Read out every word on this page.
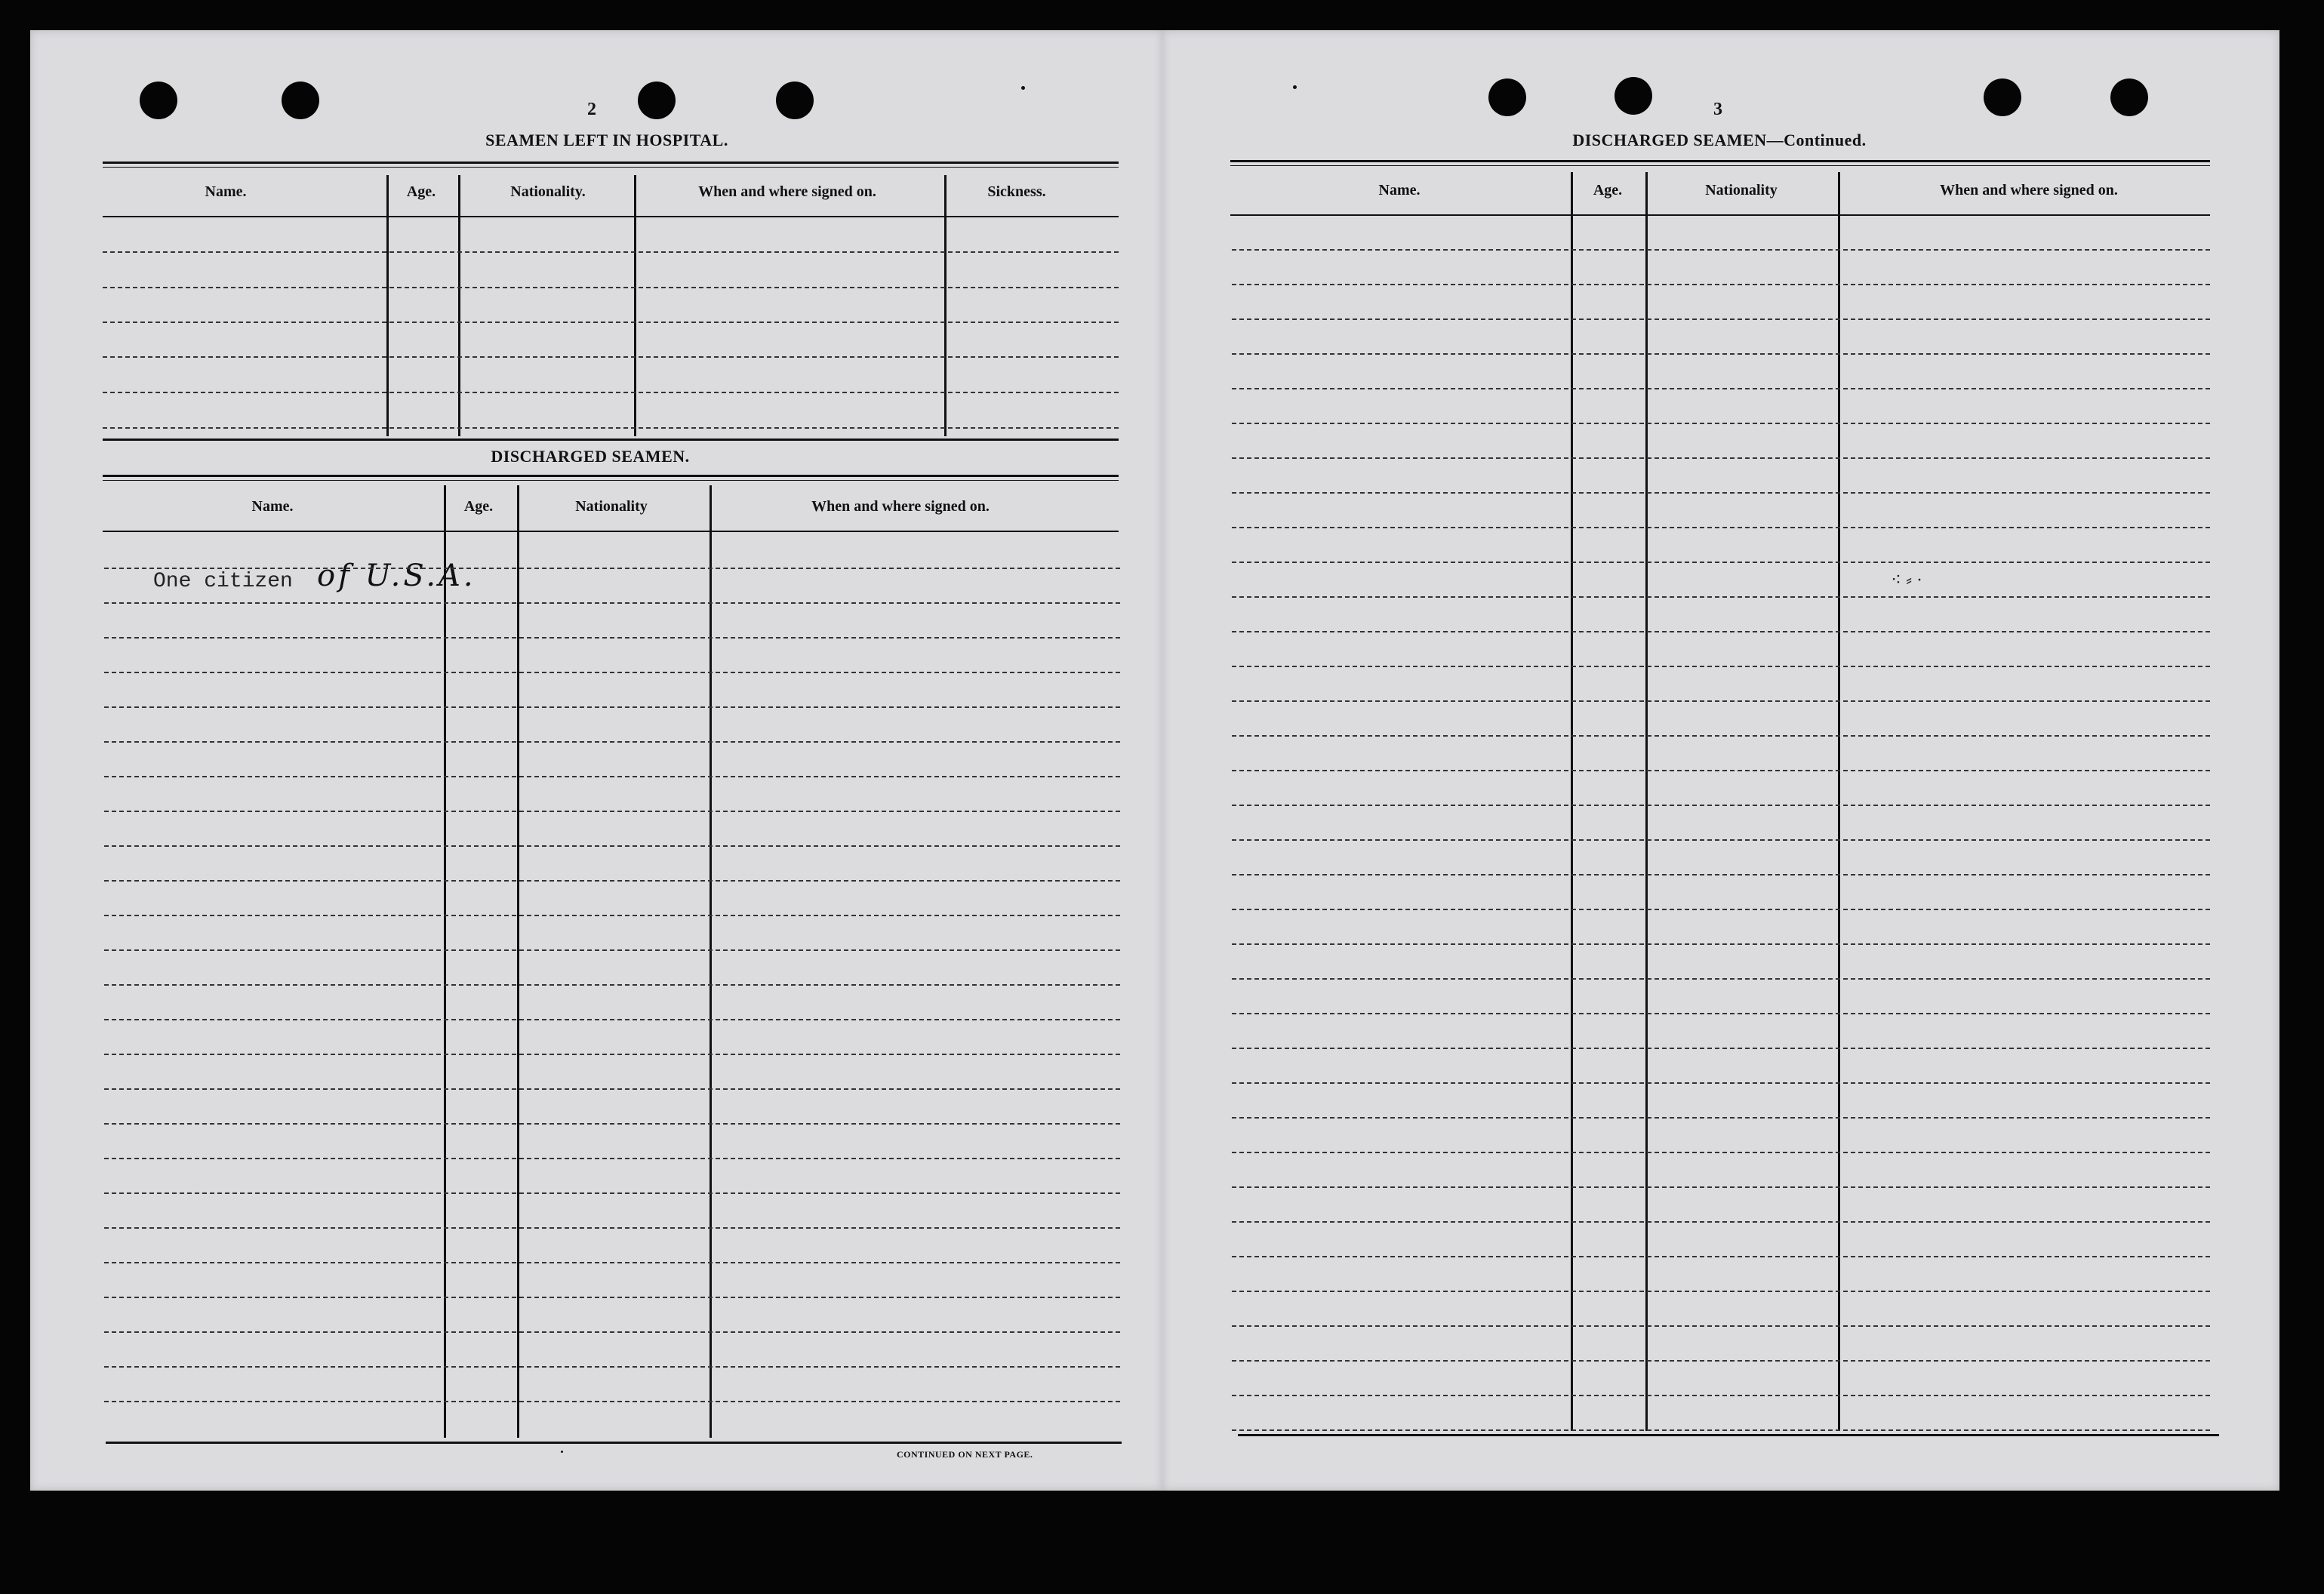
2
SEAMEN LEFT IN HOSPITAL.
Name.	Age.	Nationality.	When and where signed on.	Sickness.
DISCHARGED SEAMEN.
Name.	Age.	Nationality	When and where signed on.
One citizen of U.S.A.
CONTINUED ON NEXT PAGE.
3
DISCHARGED SEAMEN—Continued.
Name.	Age.	Nationality	When and where signed on.
⁖ ⸗ ·
